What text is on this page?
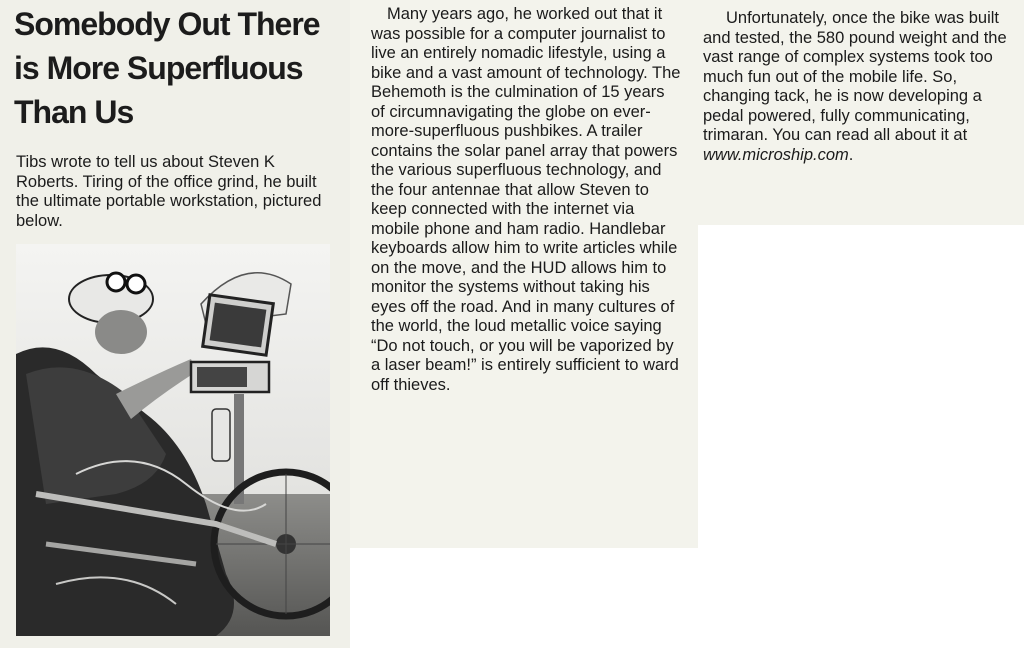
Somebody Out There is More Superfluous Than Us

Tibs wrote to tell us about Steven K Roberts. Tiring of the office grind, he built the ultimate portable workstation, pictured below.

Many years ago, he worked out that it was possible for a computer journalist to live an entirely nomadic lifestyle, using a bike and a vast amount of technology. The Behemoth is the culmination of 15 years of circumnavigating the globe on ever-more-superfluous pushbikes. A trailer contains the solar panel array that powers the various superfluous technology, and the four antennae that allow Steven to keep connected with the internet via mobile phone and ham radio. Handlebar keyboards allow him to write articles while on the move, and the HUD allows him to monitor the systems without taking his eyes off the road. And in many cultures of the world, the loud metallic voice saying “Do not touch, or you will be vaporized by a laser beam!” is entirely sufficient to ward off thieves.

Unfortunately, once the bike was built and tested, the 580 pound weight and the vast range of complex systems took too much fun out of the mobile life. So, changing tack, he is now developing a pedal powered, fully communicating, trimaran. You can read all about it at www.microship.com.
